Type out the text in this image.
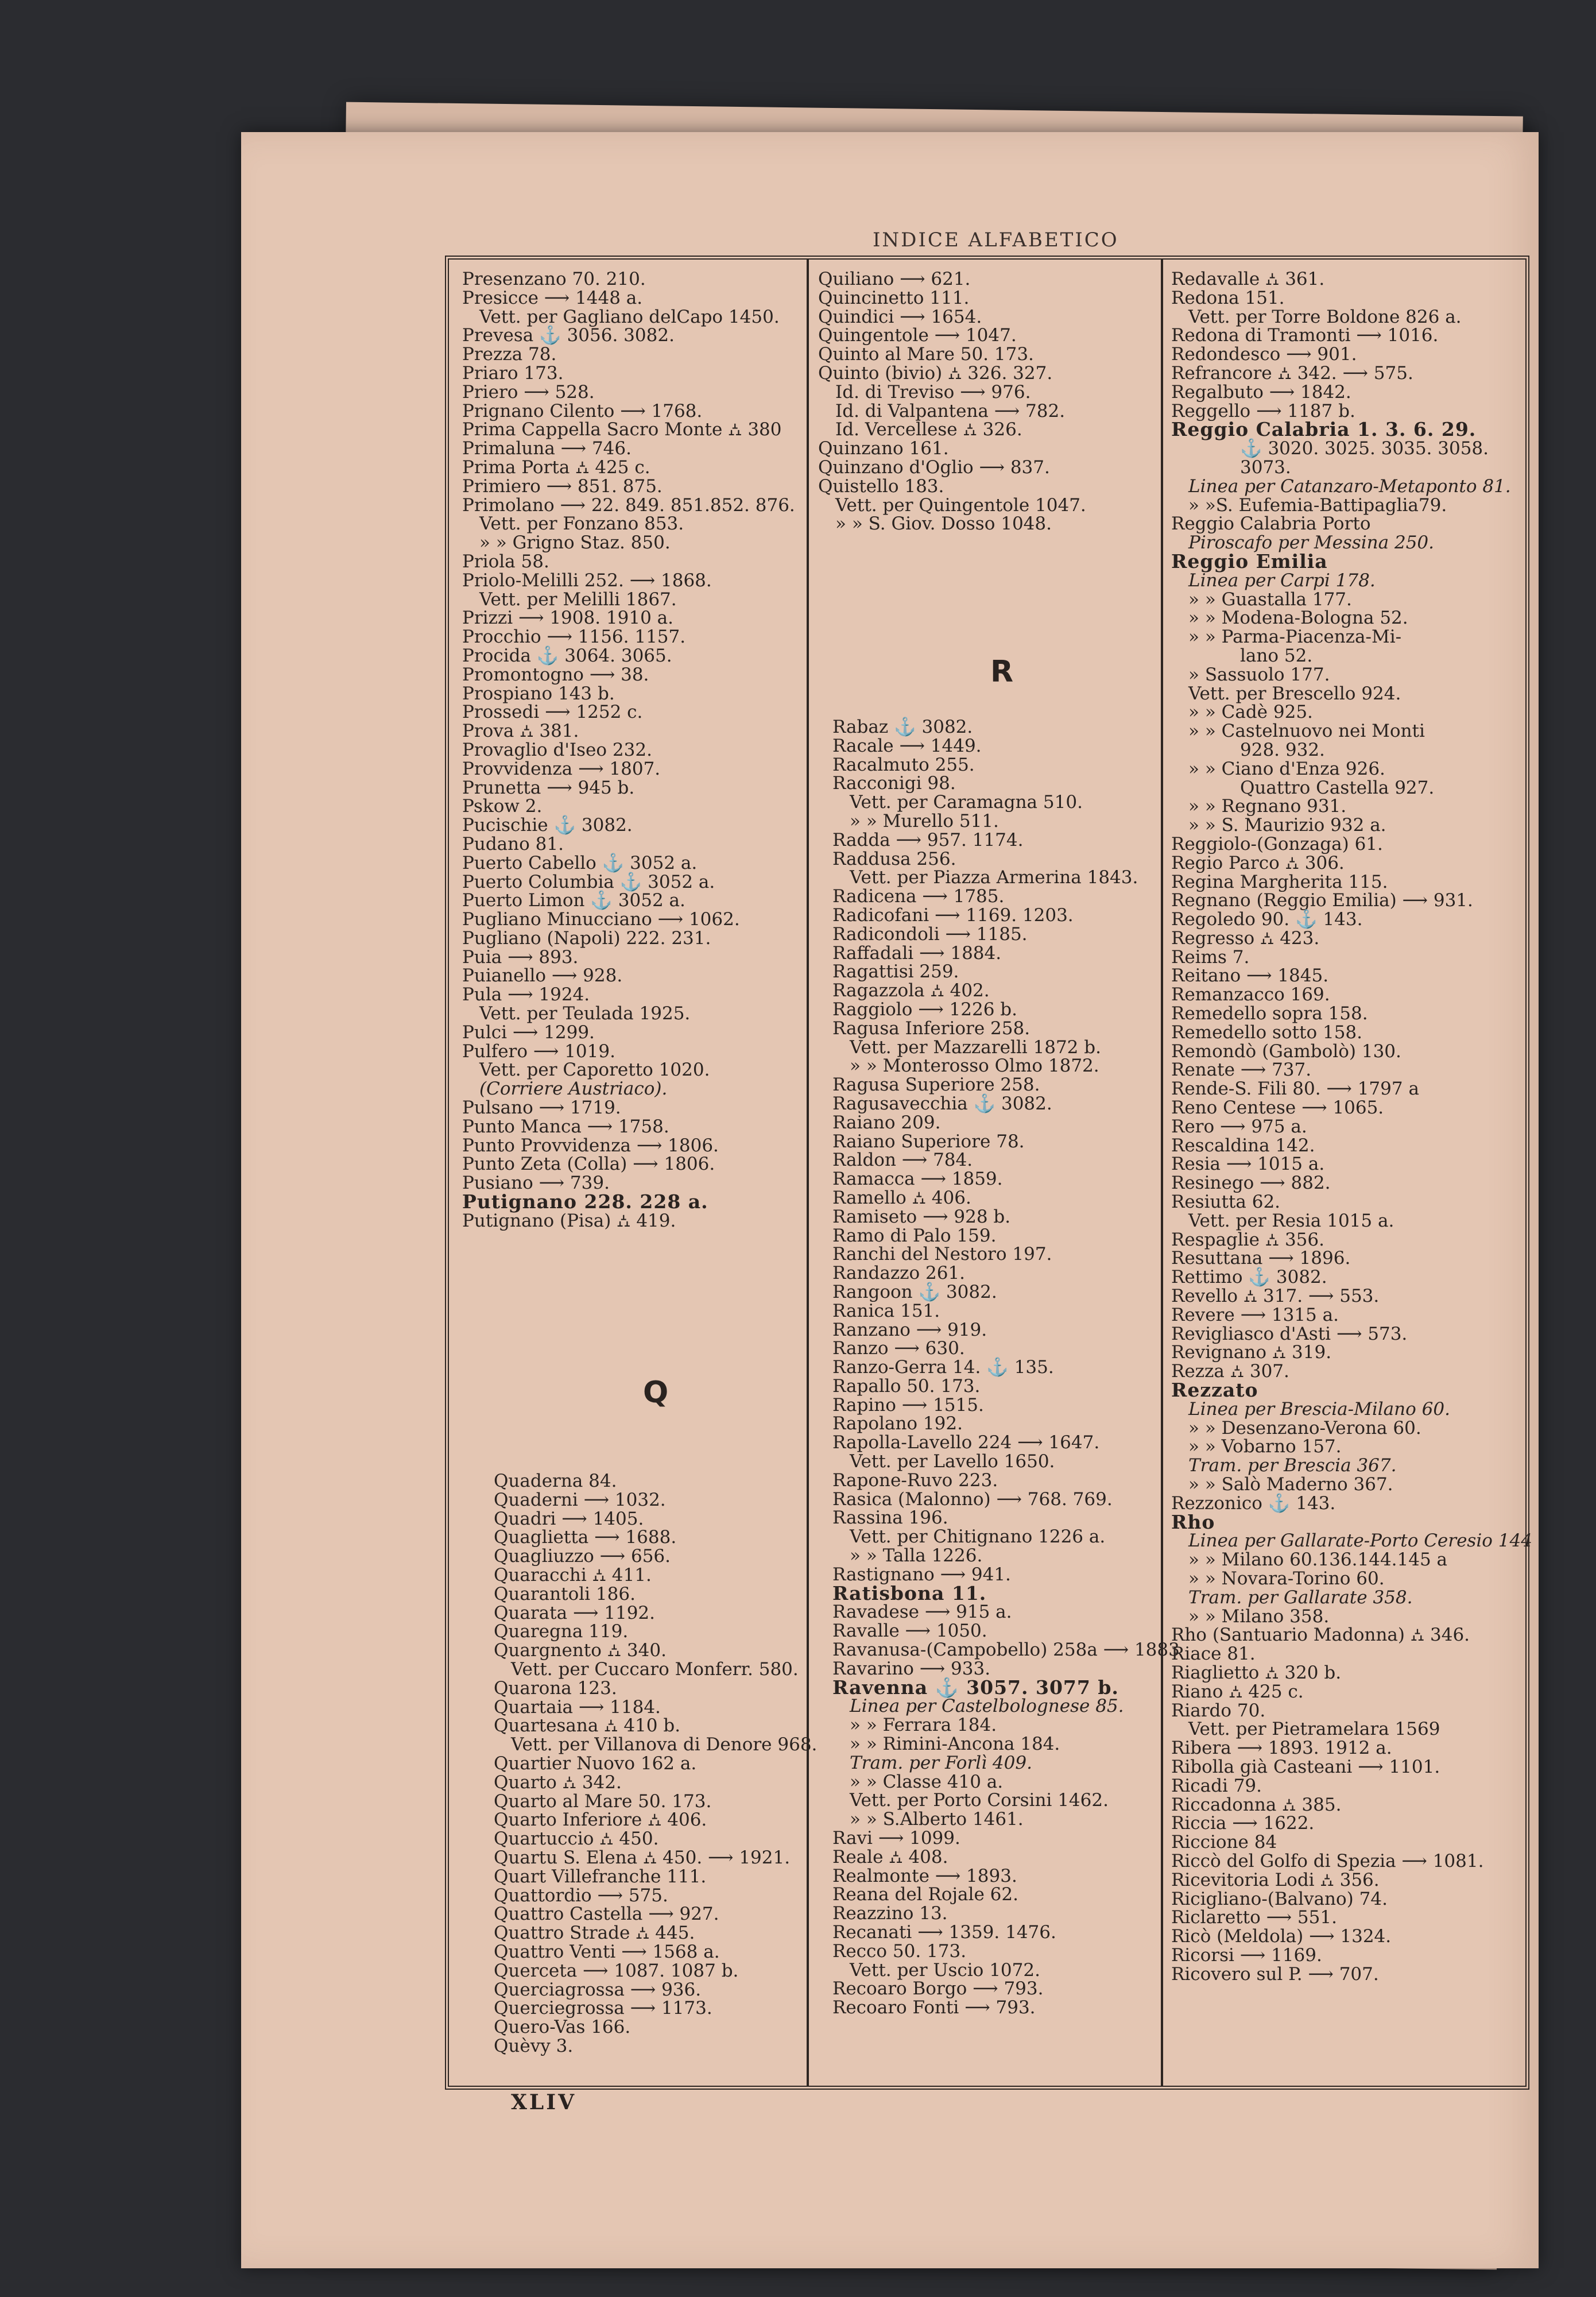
INDICE ALFABETICO
Presenzano 70. 210.
Presicce ⟶ 1448 a.
Vett. per Gagliano delCapo 1450.
Prevesa ⚓ 3056. 3082.
Prezza 78.
Priaro 173.
Priero ⟶ 528.
Prignano Cilento ⟶ 1768.
Prima Cappella Sacro Monte ⛼ 380
Primaluna ⟶ 746.
Prima Porta ⛼ 425 c.
Primiero ⟶ 851. 875.
Primolano ⟶ 22. 849. 851.852. 876.
Vett. per Fonzano 853.
» » Grigno Staz. 850.
Priola 58.
Priolo-Melilli 252. ⟶ 1868.
Vett. per Melilli 1867.
Prizzi ⟶ 1908. 1910 a.
Procchio ⟶ 1156. 1157.
Procida ⚓ 3064. 3065.
Promontogno ⟶ 38.
Prospiano 143 b.
Prossedi ⟶ 1252 c.
Prova ⛼ 381.
Provaglio d'Iseo 232.
Provvidenza ⟶ 1807.
Prunetta ⟶ 945 b.
Pskow 2.
Pucischie ⚓ 3082.
Pudano 81.
Puerto Cabello ⚓ 3052 a.
Puerto Columbia ⚓ 3052 a.
Puerto Limon ⚓ 3052 a.
Pugliano Minucciano ⟶ 1062.
Pugliano (Napoli) 222. 231.
Puia ⟶ 893.
Puianello ⟶ 928.
Pula ⟶ 1924.
Vett. per Teulada 1925.
Pulci ⟶ 1299.
Pulfero ⟶ 1019.
Vett. per Caporetto 1020.
(Corriere Austriaco).
Pulsano ⟶ 1719.
Punto Manca ⟶ 1758.
Punto Provvidenza ⟶ 1806.
Punto Zeta (Colla) ⟶ 1806.
Pusiano ⟶ 739.
Putignano 228. 228 a.
Putignano (Pisa) ⛼ 419.
Quaderna 84.
Quaderni ⟶ 1032.
Quadri ⟶ 1405.
Quaglietta ⟶ 1688.
Quagliuzzo ⟶ 656.
Quaracchi ⛼ 411.
Quarantoli 186.
Quarata ⟶ 1192.
Quaregna 119.
Quargnento ⛼ 340.
Vett. per Cuccaro Monferr. 580.
Quarona 123.
Quartaia ⟶ 1184.
Quartesana ⛼ 410 b.
Vett. per Villanova di Denore 968.
Quartier Nuovo 162 a.
Quarto ⛼ 342.
Quarto al Mare 50. 173.
Quarto Inferiore ⛼ 406.
Quartuccio ⛼ 450.
Quartu S. Elena ⛼ 450. ⟶ 1921.
Quart Villefranche 111.
Quattordio ⟶ 575.
Quattro Castella ⟶ 927.
Quattro Strade ⛼ 445.
Quattro Venti ⟶ 1568 a.
Querceta ⟶ 1087. 1087 b.
Querciagrossa ⟶ 936.
Querciegrossa ⟶ 1173.
Quero-Vas 166.
Quèvy 3.
Q
Quiliano ⟶ 621.
Quincinetto 111.
Quindici ⟶ 1654.
Quingentole ⟶ 1047.
Quinto al Mare 50. 173.
Quinto (bivio) ⛼ 326. 327.
Id. di Treviso ⟶ 976.
Id. di Valpantena ⟶ 782.
Id. Vercellese ⛼ 326.
Quinzano 161.
Quinzano d'Oglio ⟶ 837.
Quistello 183.
Vett. per Quingentole 1047.
» » S. Giov. Dosso 1048.
R
Rabaz ⚓ 3082.
Racale ⟶ 1449.
Racalmuto 255.
Racconigi 98.
Vett. per Caramagna 510.
» » Murello 511.
Radda ⟶ 957. 1174.
Raddusa 256.
Vett. per Piazza Armerina 1843.
Radicena ⟶ 1785.
Radicofani ⟶ 1169. 1203.
Radicondoli ⟶ 1185.
Raffadali ⟶ 1884.
Ragattisi 259.
Ragazzola ⛼ 402.
Raggiolo ⟶ 1226 b.
Ragusa Inferiore 258.
Vett. per Mazzarelli 1872 b.
» » Monterosso Olmo 1872.
Ragusa Superiore 258.
Ragusavecchia ⚓ 3082.
Raiano 209.
Raiano Superiore 78.
Raldon ⟶ 784.
Ramacca ⟶ 1859.
Ramello ⛼ 406.
Ramiseto ⟶ 928 b.
Ramo di Palo 159.
Ranchi del Nestoro 197.
Randazzo 261.
Rangoon ⚓ 3082.
Ranica 151.
Ranzano ⟶ 919.
Ranzo ⟶ 630.
Ranzo-Gerra 14. ⚓ 135.
Rapallo 50. 173.
Rapino ⟶ 1515.
Rapolano 192.
Rapolla-Lavello 224 ⟶ 1647.
Vett. per Lavello 1650.
Rapone-Ruvo 223.
Rasica (Malonno) ⟶ 768. 769.
Rassina 196.
Vett. per Chitignano 1226 a.
» » Talla 1226.
Rastignano ⟶ 941.
Ratisbona 11.
Ravadese ⟶ 915 a.
Ravalle ⟶ 1050.
Ravanusa-(Campobello) 258a ⟶ 1883
Ravarino ⟶ 933.
Ravenna ⚓ 3057. 3077 b.
Linea per Castelbolognese 85.
» » Ferrara 184.
» » Rimini-Ancona 184.
Tram. per Forlì 409.
» » Classe 410 a.
Vett. per Porto Corsini 1462.
» » S.Alberto 1461.
Ravi ⟶ 1099.
Reale ⛼ 408.
Realmonte ⟶ 1893.
Reana del Rojale 62.
Reazzino 13.
Recanati ⟶ 1359. 1476.
Recco 50. 173.
Vett. per Uscio 1072.
Recoaro Borgo ⟶ 793.
Recoaro Fonti ⟶ 793.
Redavalle ⛼ 361.
Redona 151.
Vett. per Torre Boldone 826 a.
Redona di Tramonti ⟶ 1016.
Redondesco ⟶ 901.
Refrancore ⛼ 342. ⟶ 575.
Regalbuto ⟶ 1842.
Reggello ⟶ 1187 b.
Reggio Calabria 1. 3. 6. 29.
⚓ 3020. 3025. 3035. 3058.
3073.
Linea per Catanzaro-Metaponto 81.
» »S. Eufemia-Battipaglia79.
Reggio Calabria Porto
Piroscafo per Messina 250.
Reggio Emilia
Linea per Carpi 178.
» » Guastalla 177.
» » Modena-Bologna 52.
» » Parma-Piacenza-Mi-
lano 52.
» Sassuolo 177.
Vett. per Brescello 924.
» » Cadè 925.
» » Castelnuovo nei Monti
928. 932.
» » Ciano d'Enza 926.
Quattro Castella 927.
» » Regnano 931.
» » S. Maurizio 932 a.
Reggiolo-(Gonzaga) 61.
Regio Parco ⛼ 306.
Regina Margherita 115.
Regnano (Reggio Emilia) ⟶ 931.
Regoledo 90. ⚓ 143.
Regresso ⛼ 423.
Reims 7.
Reitano ⟶ 1845.
Remanzacco 169.
Remedello sopra 158.
Remedello sotto 158.
Remondò (Gambolò) 130.
Renate ⟶ 737.
Rende-S. Fili 80. ⟶ 1797 a
Reno Centese ⟶ 1065.
Rero ⟶ 975 a.
Rescaldina 142.
Resia ⟶ 1015 a.
Resinego ⟶ 882.
Resiutta 62.
Vett. per Resia 1015 a.
Respaglie ⛼ 356.
Resuttana ⟶ 1896.
Rettimo ⚓ 3082.
Revello ⛼ 317. ⟶ 553.
Revere ⟶ 1315 a.
Revigliasco d'Asti ⟶ 573.
Revignano ⛼ 319.
Rezza ⛼ 307.
Rezzato
Linea per Brescia-Milano 60.
» » Desenzano-Verona 60.
» » Vobarno 157.
Tram. per Brescia 367.
» » Salò Maderno 367.
Rezzonico ⚓ 143.
Rho
Linea per Gallarate-Porto Ceresio 144
» » Milano 60.136.144.145 a
» » Novara-Torino 60.
Tram. per Gallarate 358.
» » Milano 358.
Rho (Santuario Madonna) ⛼ 346.
Riace 81.
Riaglietto ⛼ 320 b.
Riano ⛼ 425 c.
Riardo 70.
Vett. per Pietramelara 1569
Ribera ⟶ 1893. 1912 a.
Ribolla già Casteani ⟶ 1101.
Ricadi 79.
Riccadonna ⛼ 385.
Riccia ⟶ 1622.
Riccione 84
Riccò del Golfo di Spezia ⟶ 1081.
Ricevitoria Lodi ⛼ 356.
Ricigliano-(Balvano) 74.
Riclaretto ⟶ 551.
Ricò (Meldola) ⟶ 1324.
Ricorsi ⟶ 1169.
Ricovero sul P. ⟶ 707.
XLIV
